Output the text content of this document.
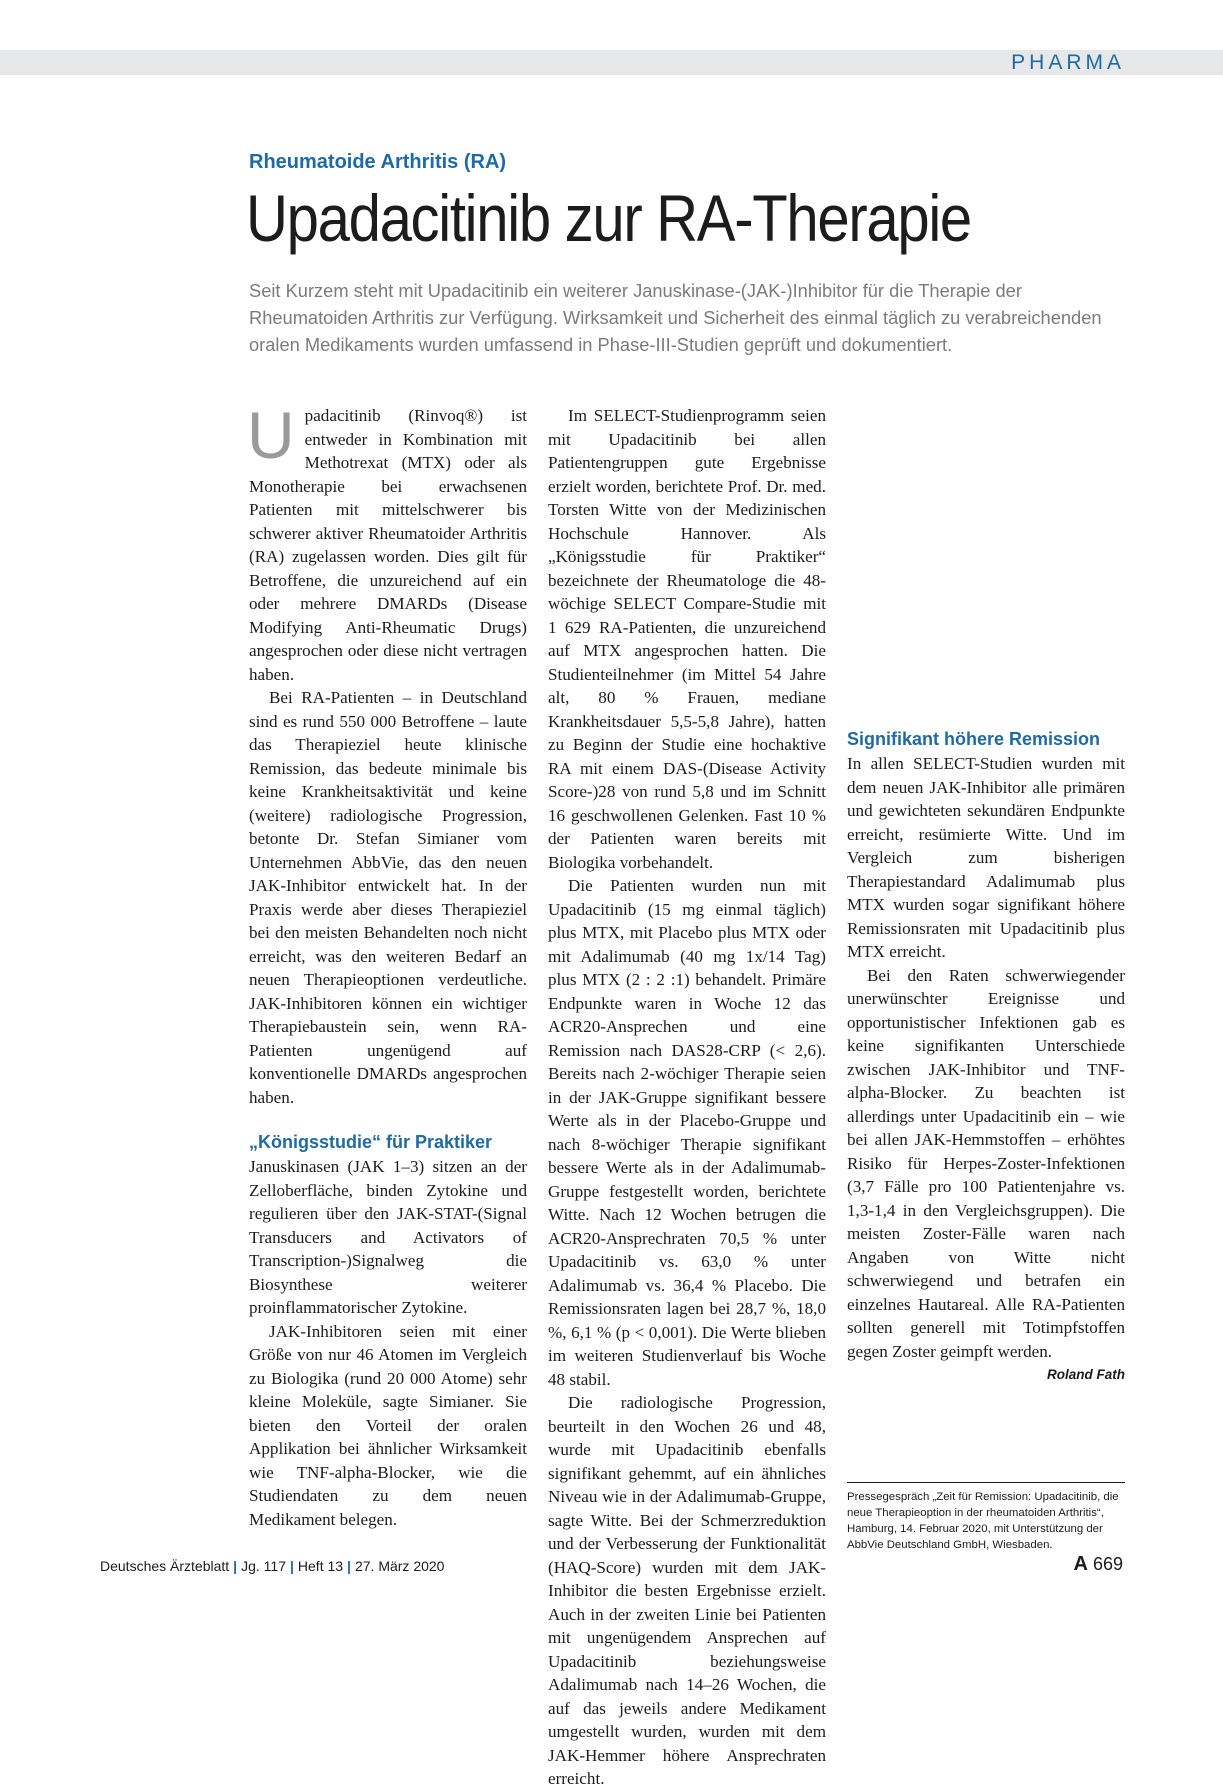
PHARMA
Rheumatoide Arthritis (RA)
Upadacitinib zur RA-Therapie
Seit Kurzem steht mit Upadacitinib ein weiterer Januskinase-(JAK-)Inhibitor für die Therapie der Rheumatoiden Arthritis zur Verfügung. Wirksamkeit und Sicherheit des einmal täglich zu verabreichenden oralen Medikaments wurden umfassend in Phase-III-Studien geprüft und dokumentiert.

Upadacitinib (Rinvoq®) ist entweder in Kombination mit Methotrexat (MTX) oder als Monotherapie bei erwachsenen Patienten mit mittelschwerer bis schwerer aktiver Rheumatoider Arthritis (RA) zugelassen worden. Dies gilt für Betroffene, die unzureichend auf ein oder mehrere DMARDs (Disease Modifying Anti-Rheumatic Drugs) angesprochen oder diese nicht vertragen haben.

Bei RA-Patienten – in Deutschland sind es rund 550 000 Betroffene – laute das Therapieziel heute klinische Remission, das bedeute minimale bis keine Krankheitsaktivität und keine (weitere) radiologische Progression, betonte Dr. Stefan Simianer vom Unternehmen AbbVie, das den neuen JAK-Inhibitor entwickelt hat. In der Praxis werde aber dieses Therapieziel bei den meisten Behandelten noch nicht erreicht, was den weiteren Bedarf an neuen Therapieoptionen verdeutliche. JAK-Inhibitoren können ein wichtiger Therapiebaustein sein, wenn RA-Patienten ungenügend auf konventionelle DMARDs angesprochen haben.

„Königsstudie“ für Praktiker

Januskinasen (JAK 1–3) sitzen an der Zelloberfläche, binden Zytokine und regulieren über den JAK-STAT-(Signal Transducers and Activators of Transcription-)Signalweg die Biosynthese weiterer proinflammatorischer Zytokine.

JAK-Inhibitoren seien mit einer Größe von nur 46 Atomen im Vergleich zu Biologika (rund 20 000 Atome) sehr kleine Moleküle, sagte Simianer. Sie bieten den Vorteil der oralen Applikation bei ähnlicher Wirksamkeit wie TNF-alpha-Blocker, wie die Studiendaten zu dem neuen Medikament belegen.

Im SELECT-Studienprogramm seien mit Upadacitinib bei allen Patientengruppen gute Ergebnisse erzielt worden, berichtete Prof. Dr. med. Torsten Witte von der Medizinischen Hochschule Hannover. Als „Königsstudie für Praktiker“ bezeichnete der Rheumatologe die 48-wöchige SELECT Compare-Studie mit 1 629 RA-Patienten, die unzureichend auf MTX angesprochen hatten. Die Studienteilnehmer (im Mittel 54 Jahre alt, 80 % Frauen, mediane Krankheitsdauer 5,5-5,8 Jahre), hatten zu Beginn der Studie eine hochaktive RA mit einem DAS-(Disease Activity Score-)28 von rund 5,8 und im Schnitt 16 geschwollenen Gelenken. Fast 10 % der Patienten waren bereits mit Biologika vorbehandelt.

Die Patienten wurden nun mit Upadacitinib (15 mg einmal täglich) plus MTX, mit Placebo plus MTX oder mit Adalimumab (40 mg 1x/14 Tag) plus MTX (2 : 2 :1) behandelt. Primäre Endpunkte waren in Woche 12 das ACR20-Ansprechen und eine Remission nach DAS28-CRP (< 2,6). Bereits nach 2-wöchiger Therapie seien in der JAK-Gruppe signifikant bessere Werte als in der Placebo-Gruppe und nach 8-wöchiger Therapie signifikant bessere Werte als in der Adalimumab-Gruppe festgestellt worden, berichtete Witte. Nach 12 Wochen betrugen die ACR20-Ansprechraten 70,5 % unter Upadacitinib vs. 63,0 % unter Adalimumab vs. 36,4 % Placebo. Die Remissionsraten lagen bei 28,7 %, 18,0 %, 6,1 % (p < 0,001). Die Werte blieben im weiteren Studienverlauf bis Woche 48 stabil.

Die radiologische Progression, beurteilt in den Wochen 26 und 48, wurde mit Upadacitinib ebenfalls signifikant gehemmt, auf ein ähnliches Niveau wie in der Adalimumab-Gruppe, sagte Witte. Bei der Schmerzreduktion und der Verbesserung der Funktionalität (HAQ-Score) wurden mit dem JAK-Inhibitor die besten Ergebnisse erzielt. Auch in der zweiten Linie bei Patienten mit ungenügendem Ansprechen auf Upadacitinib beziehungsweise Adalimumab nach 14–26 Wochen, die auf das jeweils andere Medikament umgestellt wurden, wurden mit dem JAK-Hemmer höhere Ansprechraten erreicht.

Signifikant höhere Remission

In allen SELECT-Studien wurden mit dem neuen JAK-Inhibitor alle primären und gewichteten sekundären Endpunkte erreicht, resümierte Witte. Und im Vergleich zum bisherigen Therapiestandard Adalimumab plus MTX wurden sogar signifikant höhere Remissionsraten mit Upadacitinib plus MTX erreicht.

Bei den Raten schwerwiegender unerwünschter Ereignisse und opportunistischer Infektionen gab es keine signifikanten Unterschiede zwischen JAK-Inhibitor und TNF-alpha-Blocker. Zu beachten ist allerdings unter Upadacitinib ein – wie bei allen JAK-Hemmstoffen – erhöhtes Risiko für Herpes-Zoster-Infektionen (3,7 Fälle pro 100 Patientenjahre vs. 1,3-1,4 in den Vergleichsgruppen). Die meisten Zoster-Fälle waren nach Angaben von Witte nicht schwerwiegend und betrafen ein einzelnes Hautareal. Alle RA-Patienten sollten generell mit Totimpfstoffen gegen Zoster geimpft werden.
Roland Fath

Pressegespräch „Zeit für Remission: Upadacitinib, die neue Therapieoption in der rheumatoiden Arthritis“, Hamburg, 14. Februar 2020, mit Unterstützung der AbbVie Deutschland GmbH, Wiesbaden.
Deutsches Ärzteblatt | Jg. 117 | Heft 13 | 27. März 2020	A 669
